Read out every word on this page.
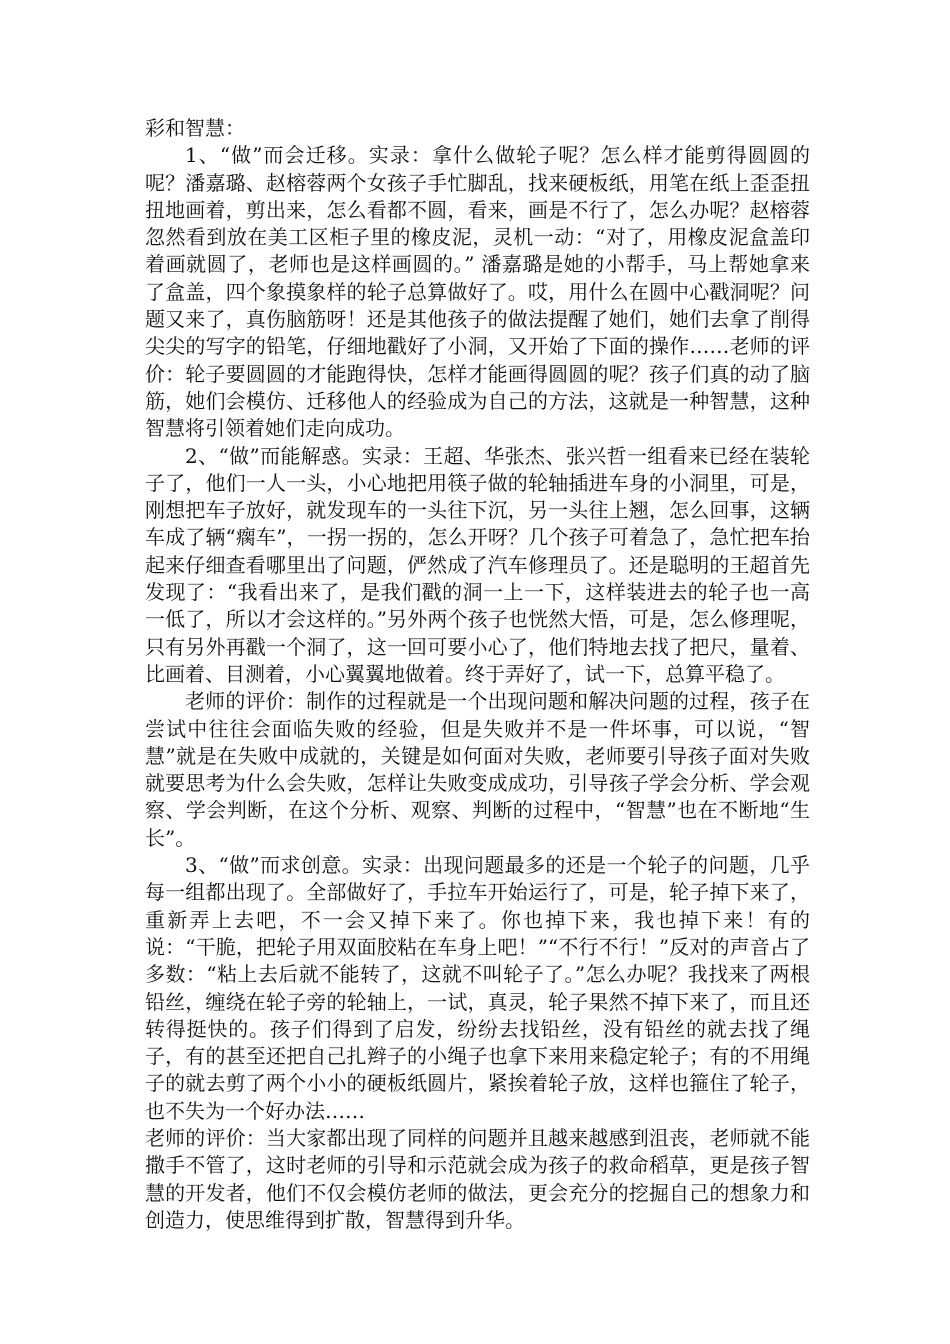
彩和智慧：

1、“做”而会迁移。实录：拿什么做轮子呢？怎么样才能剪得圆圆的呢？潘嘉璐、赵榕蓉两个女孩子手忙脚乱，找来硬板纸，用笔在纸上歪歪扭扭地画着，剪出来，怎么看都不圆，看来，画是不行了，怎么办呢？赵榕蓉忽然看到放在美工区柜子里的橡皮泥，灵机一动：“对了，用橡皮泥盒盖印着画就圆了，老师也是这样画圆的。” 潘嘉璐是她的小帮手，马上帮她拿来了盒盖，四个象摸象样的轮子总算做好了。哎，用什么在圆中心戳洞呢？问题又来了，真伤脑筋呀！还是其他孩子的做法提醒了她们，她们去拿了削得尖尖的写字的铅笔，仔细地戳好了小洞，又开始了下面的操作……老师的评价：轮子要圆圆的才能跑得快，怎样才能画得圆圆的呢？孩子们真的动了脑筋，她们会模仿、迁移他人的经验成为自己的方法，这就是一种智慧，这种智慧将引领着她们走向成功。

2、“做”而能解惑。实录：王超、华张杰、张兴哲一组看来已经在装轮子了，他们一人一头，小心地把用筷子做的轮轴插进车身的小洞里，可是，刚想把车子放好，就发现车的一头往下沉，另一头往上翘，怎么回事，这辆车成了辆“瘸车”，一拐一拐的，怎么开呀？几个孩子可着急了，急忙把车抬起来仔细查看哪里出了问题，俨然成了汽车修理员了。还是聪明的王超首先发现了：“我看出来了，是我们戳的洞一上一下，这样装进去的轮子也一高一低了，所以才会这样的。”另外两个孩子也恍然大悟，可是，怎么修理呢，只有另外再戳一个洞了，这一回可要小心了，他们特地去找了把尺，量着、比画着、目测着，小心翼翼地做着。终于弄好了，试一下，总算平稳了。

老师的评价：制作的过程就是一个出现问题和解决问题的过程，孩子在尝试中往往会面临失败的经验，但是失败并不是一件坏事，可以说，“智慧”就是在失败中成就的，关键是如何面对失败，老师要引导孩子面对失败就要思考为什么会失败，怎样让失败变成成功，引导孩子学会分析、学会观察、学会判断，在这个分析、观察、判断的过程中，“智慧”也在不断地“生长”。

3、“做”而求创意。实录：出现问题最多的还是一个轮子的问题，几乎每一组都出现了。全部做好了，手拉车开始运行了，可是，轮子掉下来了，重新弄上去吧，不一会又掉下来了。你也掉下来，我也掉下来！有的说：“干脆，把轮子用双面胶粘在车身上吧！”“不行不行！”反对的声音占了多数：“粘上去后就不能转了，这就不叫轮子了。”怎么办呢？我找来了两根铅丝，缠绕在轮子旁的轮轴上，一试，真灵，轮子果然不掉下来了，而且还转得挺快的。孩子们得到了启发，纷纷去找铅丝，没有铅丝的就去找了绳子，有的甚至还把自己扎辫子的小绳子也拿下来用来稳定轮子；有的不用绳子的就去剪了两个小小的硬板纸圆片，紧挨着轮子放，这样也箍住了轮子，也不失为一个好办法……

老师的评价：当大家都出现了同样的问题并且越来越感到沮丧，老师就不能撒手不管了，这时老师的引导和示范就会成为孩子的救命稻草，更是孩子智慧的开发者，他们不仅会模仿老师的做法，更会充分的挖掘自己的想象力和创造力，使思维得到扩散，智慧得到升华。
